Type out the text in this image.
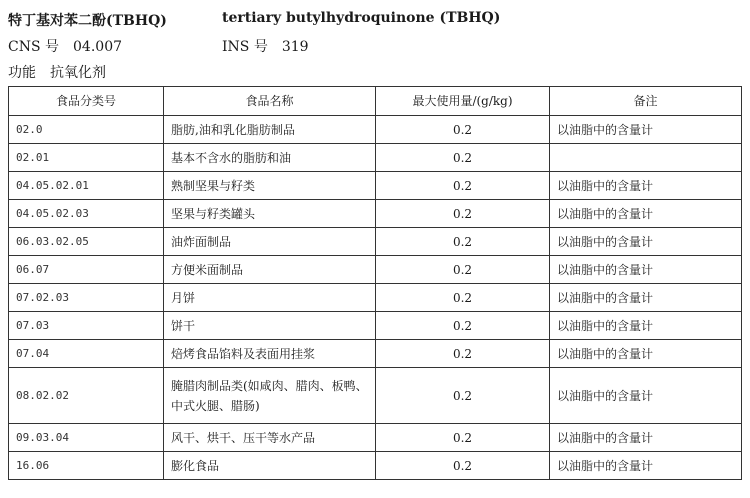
特丁基对苯二酚(TBHQ)	tertiary butylhydroquinone (TBHQ)
CNS 号 04.007	INS 号 319
功能 抗氧化剂
食品分类号	食品名称	最大使用量/(g/kg)	备注
02.0	脂肪,油和乳化脂肪制品	0.2	以油脂中的含量计
02.01	基本不含水的脂肪和油	0.2	
04.05.02.01	熟制坚果与籽类	0.2	以油脂中的含量计
04.05.02.03	坚果与籽类罐头	0.2	以油脂中的含量计
06.03.02.05	油炸面制品	0.2	以油脂中的含量计
06.07	方便米面制品	0.2	以油脂中的含量计
07.02.03	月饼	0.2	以油脂中的含量计
07.03	饼干	0.2	以油脂中的含量计
07.04	焙烤食品馅料及表面用挂浆	0.2	以油脂中的含量计
08.02.02	腌腊肉制品类(如咸肉、腊肉、板鸭、中式火腿、腊肠)	0.2	以油脂中的含量计
09.03.04	风干、烘干、压干等水产品	0.2	以油脂中的含量计
16.06	膨化食品	0.2	以油脂中的含量计
